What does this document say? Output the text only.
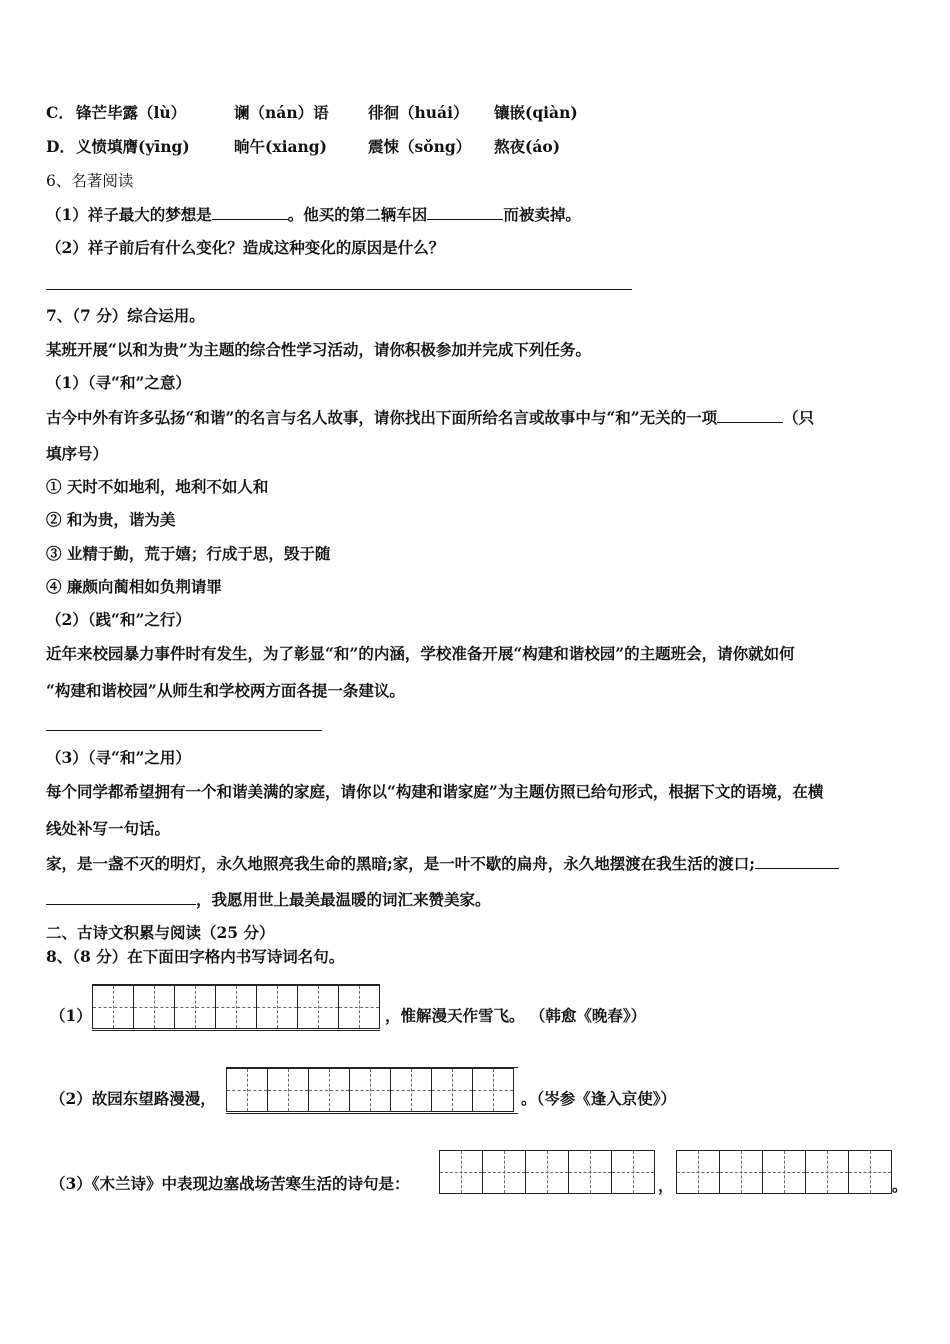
C． 锋芒毕露（lù）	谰（nán）语	徘徊（huái） 镶嵌(qiàn)
D． 义愤填膺(yīng)	晌午(xiang)	震悚（sǒng） 熬夜(áo)
6、名著阅读
（1）祥子最大的梦想是	。他买的第二辆车因	而被卖掉。
（2）祥子前后有什么变化？造成这种变化的原因是什么？
7、（7 分）综合运用。
某班开展“以和为贵”为主题的综合性学习活动，请你积极参加并完成下列任务。
（1）（寻“和”之意）
古今中外有许多弘扬“和谐”的名言与名人故事，请你找出下面所给名言或故事中与“和”无关的一项	（只
填序号）
① 天时不如地利，地利不如人和
② 和为贵，谐为美
③ 业精于勤，荒于嬉；行成于思，毁于随
④ 廉颇向蔺相如负荆请罪
（2）（践“和”之行）
近年来校园暴力事件时有发生，为了彰显“和”的内涵，学校准备开展“构建和谐校园”的主题班会，请你就如何
“构建和谐校园”从师生和学校两方面各提一条建议。
（3）（寻“和”之用）
每个同学都希望拥有一个和谐美满的家庭，请你以“构建和谐家庭”为主题仿照已给句形式，根据下文的语境，在横
线处补写一句话。
家，是一盏不灭的明灯，永久地照亮我生命的黑暗;家，是一叶不歇的扁舟，永久地摆渡在我生活的渡口;
，我愿用世上最美最温暖的词汇来赞美家。
二、古诗文积累与阅读（25 分）
8、（8 分）在下面田字格内书写诗词名句。
（1）	，惟解漫天作雪飞。 （韩愈《晚春》）
（2）故园东望路漫漫，	。（岑参《逢入京使》）
（3）《木兰诗》中表现边塞战场苦寒生活的诗句是：	，	。
